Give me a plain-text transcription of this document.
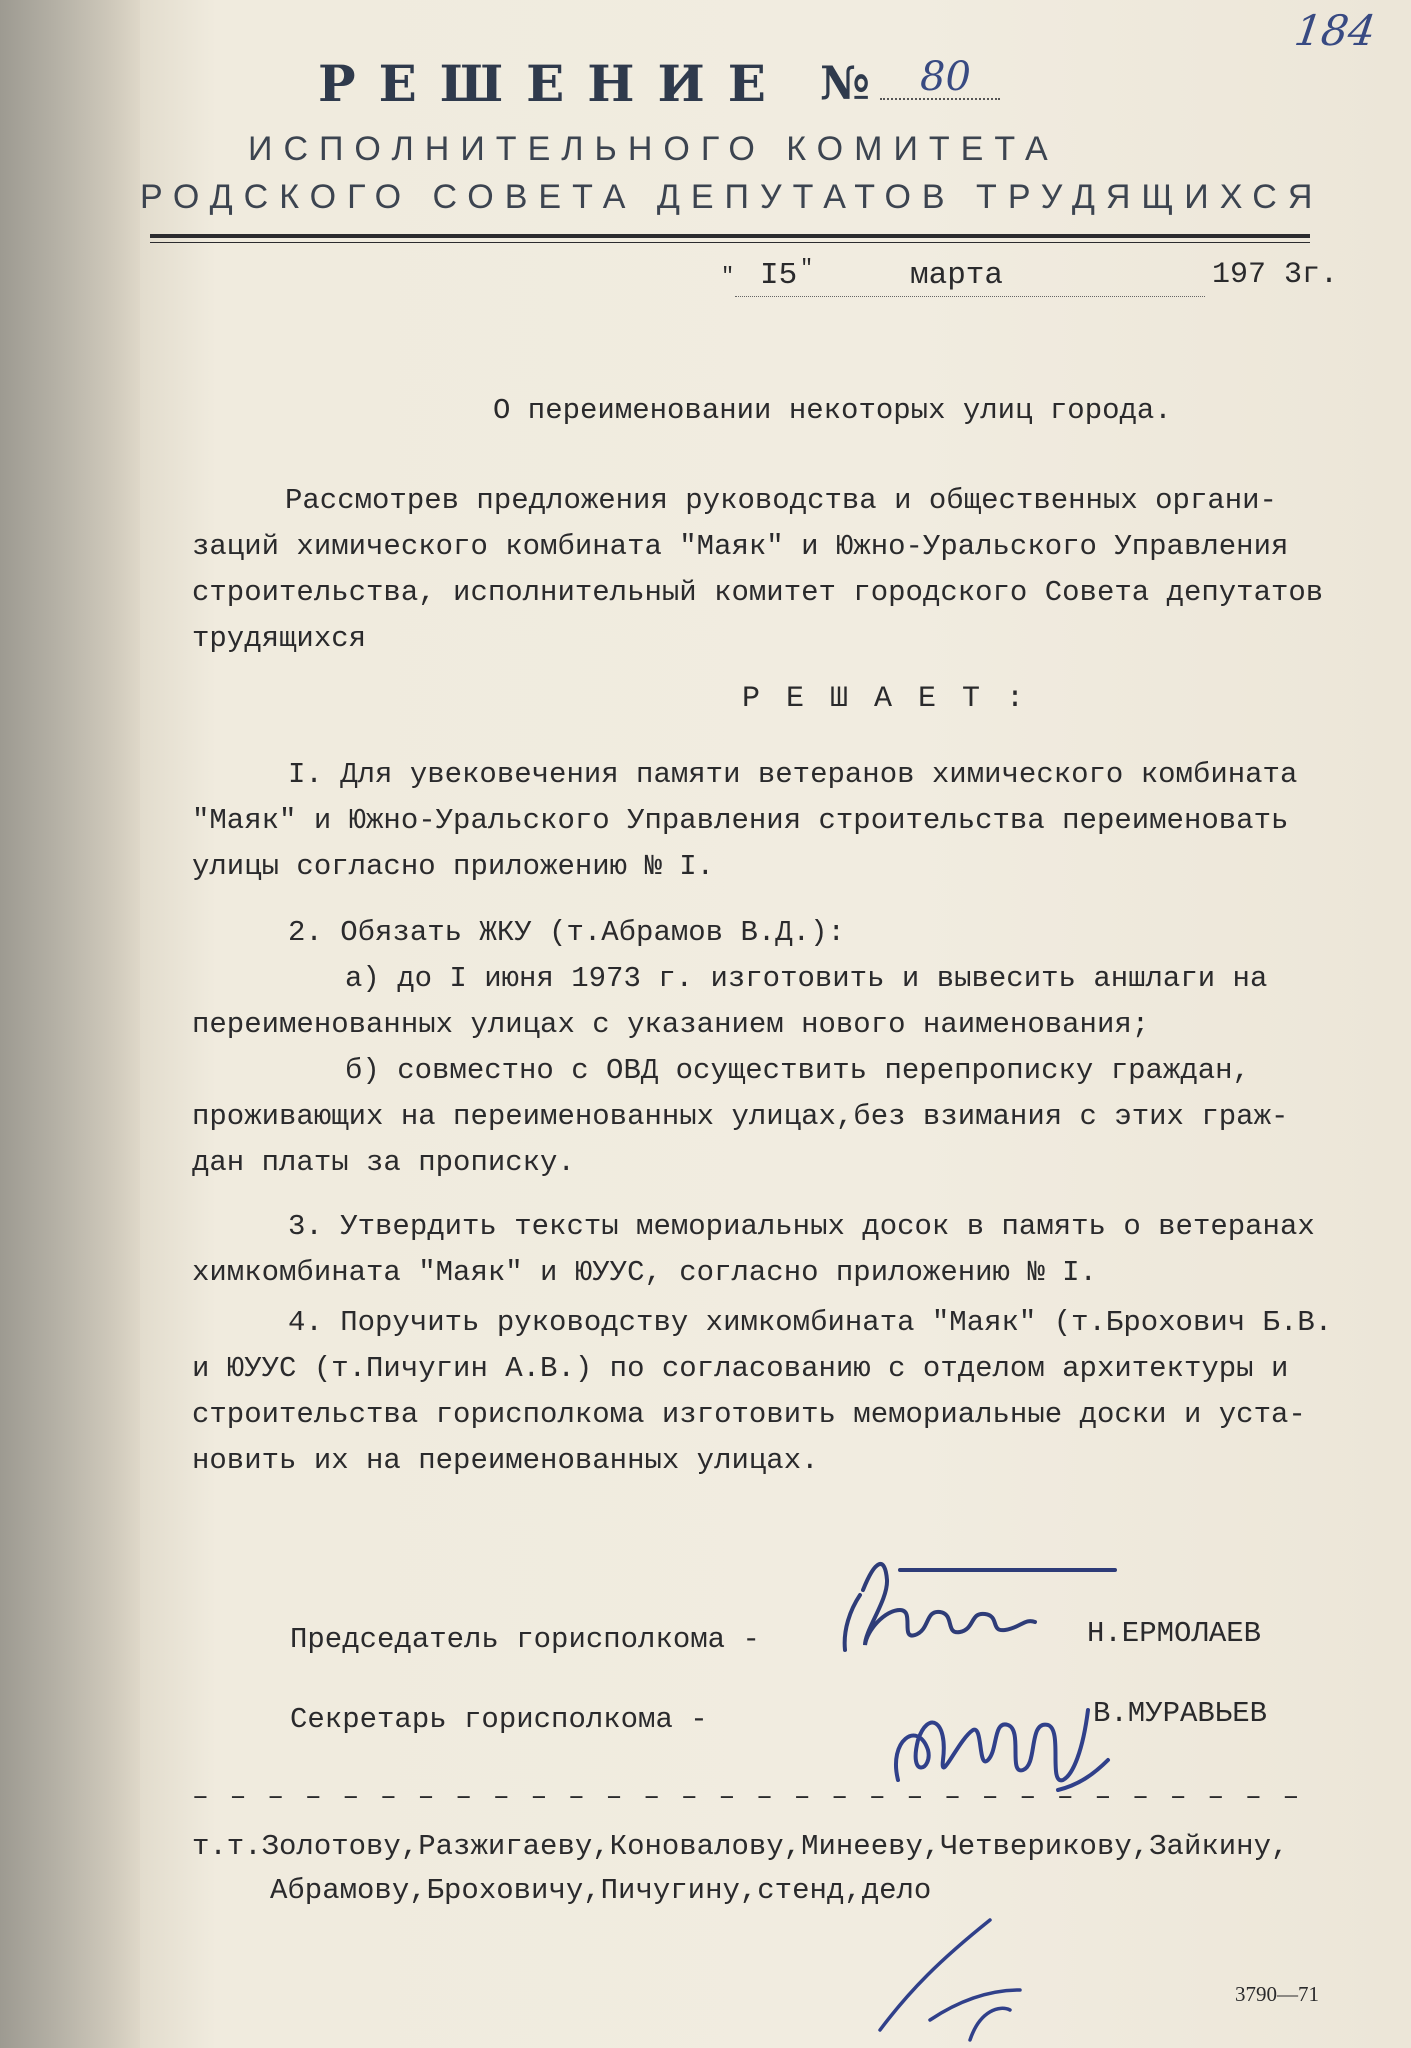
184
РЕШЕНИЕ № 80
ИСПОЛНИТЕЛЬНОГО КОМИТЕТА
РОДСКОГО СОВЕТА ДЕПУТАТОВ ТРУДЯЩИХСЯ
" I5 "	марта	197 3г.
О переименовании некоторых улиц города.

Рассмотрев предложения руководства и общественных органи-

заций химического комбината "Маяк" и Южно-Уральского Управления

строительства, исполнительный комитет городского Совета депутатов

трудящихся

Р Е Ш А Е Т :

I. Для увековечения памяти ветеранов химического комбината

"Маяк" и Южно-Уральского Управления строительства переименовать

улицы согласно приложению № I.

2. Обязать ЖКУ (т.Абрамов В.Д.):

а) до I июня 1973 г. изготовить и вывесить аншлаги на

переименованных улицах с указанием нового наименования;

б) совместно с ОВД осуществить перепрописку граждан,

проживающих на переименованных улицах,без взимания с этих граж-

дан платы за прописку.

3. Утвердить тексты мемориальных досок в память о ветеранах

химкомбината "Маяк" и ЮУУС, согласно приложению № I.

4. Поручить руководству химкомбината "Маяк" (т.Брохович Б.В.

и ЮУУС (т.Пичугин А.В.) по согласованию с отделом архитектуры и

строительства горисполкома изготовить мемориальные доски и уста-

новить их на переименованных улицах.

Председатель горисполкома -	Н.ЕРМОЛАЕВ
Секретарь горисполкома -	В.МУРАВЬЕВ
– – – – – – – – – – – – – – – – – – – – – – – – – – – – – –

т.т.Золотову,Разжигаеву,Коновалову,Минееву,Четверикову,Зайкину,

Абрамову,Броховичу,Пичугину,стенд,дело

3790—71
